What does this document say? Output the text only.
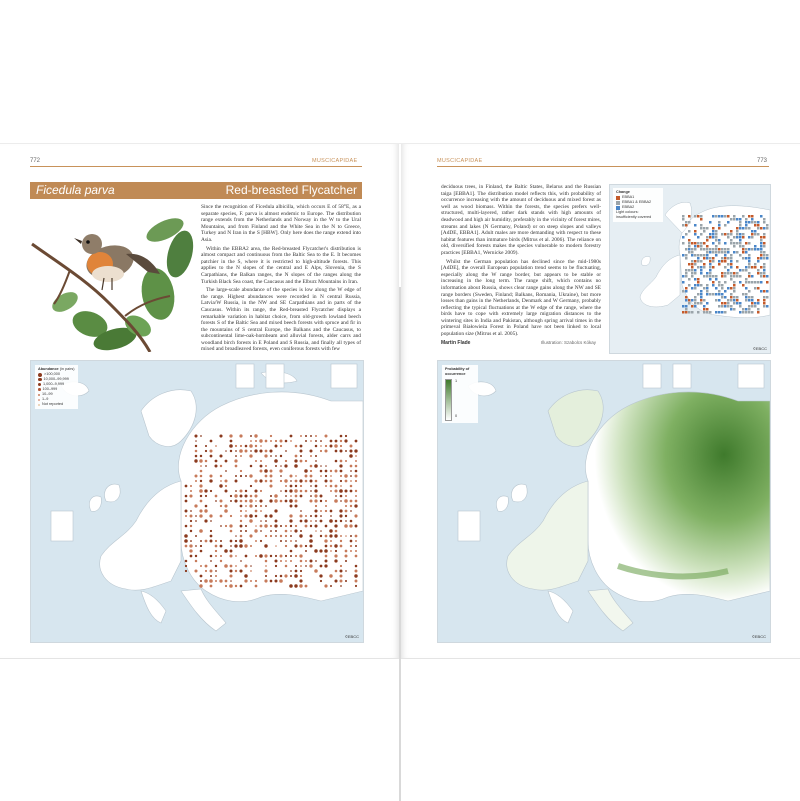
772	MUSCICAPIDAE
Ficedula parva	Red-breasted Flycatcher

Since the recognition of Ficedula albicilla, which occurs E of 58°E, as a separate species, F. parva is almost endemic to Europe. The distribution range extends from the Netherlands and Norway in the W to the Ural Mountains, and from Finland and the White Sea in the N to Greece, Turkey and N Iran in the S [HBW]. Only here does the range extend into Asia.

Within the EBBA2 area, the Red-breasted Flycatcher's distribution is almost compact and continuous from the Baltic Sea to the E. It becomes patchier in the S, where it is restricted to high-altitude forests. This applies to the N slopes of the central and E Alps, Slovenia, the S Carpathians, the Balkan ranges, the N slopes of the ranges along the Turkish Black Sea coast, the Caucasus and the Elburz Mountains in Iran.

The large-scale abundance of the species is low along the W edge of the range. Highest abundances were recorded in N central Russia, Latvia/W Russia, in the NW and SE Carpathians and in parts of the Caucasus. Within its range, the Red-breasted Flycatcher displays a remarkable variation in habitat choice, from old-growth lowland beech forests S of the Baltic Sea and mixed beech forests with spruce and fir in the mountains of S central Europe, the Balkans and the Caucasus, to subcontinental lime-oak-hornbeam and alluvial forests, alder carrs and woodland birch forests in E Poland and S Russia, and finally all types of mixed and broadleaved forests, even coniferous forests with few

Abundance (in pairs)
>100,000
10,000–99,999
1,000–9,999
100–999
10–99
1–9
Not reported
©EBCC
MUSCICAPIDAE	773

deciduous trees, in Finland, the Baltic States, Belarus and the Russian taiga [EBBA1]. The distribution model reflects this, with probability of occurrence increasing with the amount of deciduous and mixed forest as well as wood biomass. Within the forests, the species prefers well-structured, multi-layered, rather dark stands with high amounts of deadwood and high air humidity, preferably in the vicinity of forest mires, streams and lakes (N Germany, Poland) or on steep slopes and valleys [AdDE, EBBA1]. Adult males are more demanding with respect to these habitat features than immature birds (Mitrus et al. 2006). The reliance on old, diversified forests makes the species vulnerable to modern forestry practices [EBBA1, Wernicke 2009).

Whilst the German population has declined since the mid-1980s [AdDE], the overall European population trend seems to be fluctuating, especially along the W range border, but appears to be stable or increasing in the long term. The range shift, which contains no information about Russia, shows clear range gains along the NW and SE range borders (Sweden, Finland; Balkans, Romania, Ukraine), but more losses than gains in the Netherlands, Denmark and W Germany, probably reflecting the typical fluctuations at the W edge of the range, where the birds have to cope with extremely large migration distances to the wintering sites in India and Pakistan, although spring arrival times in the primeval Białowieża Forest in Poland have not been linked to local population size (Mitrus et al. 2005).

Martin Flade	Illustration: Szabolcs Kókay
Change
EBBA1
EBBA1 & EBBA2
EBBA2
Light colours: insufficiently covered
©EBCC
Probability of occurrence
1
0
©EBCC
